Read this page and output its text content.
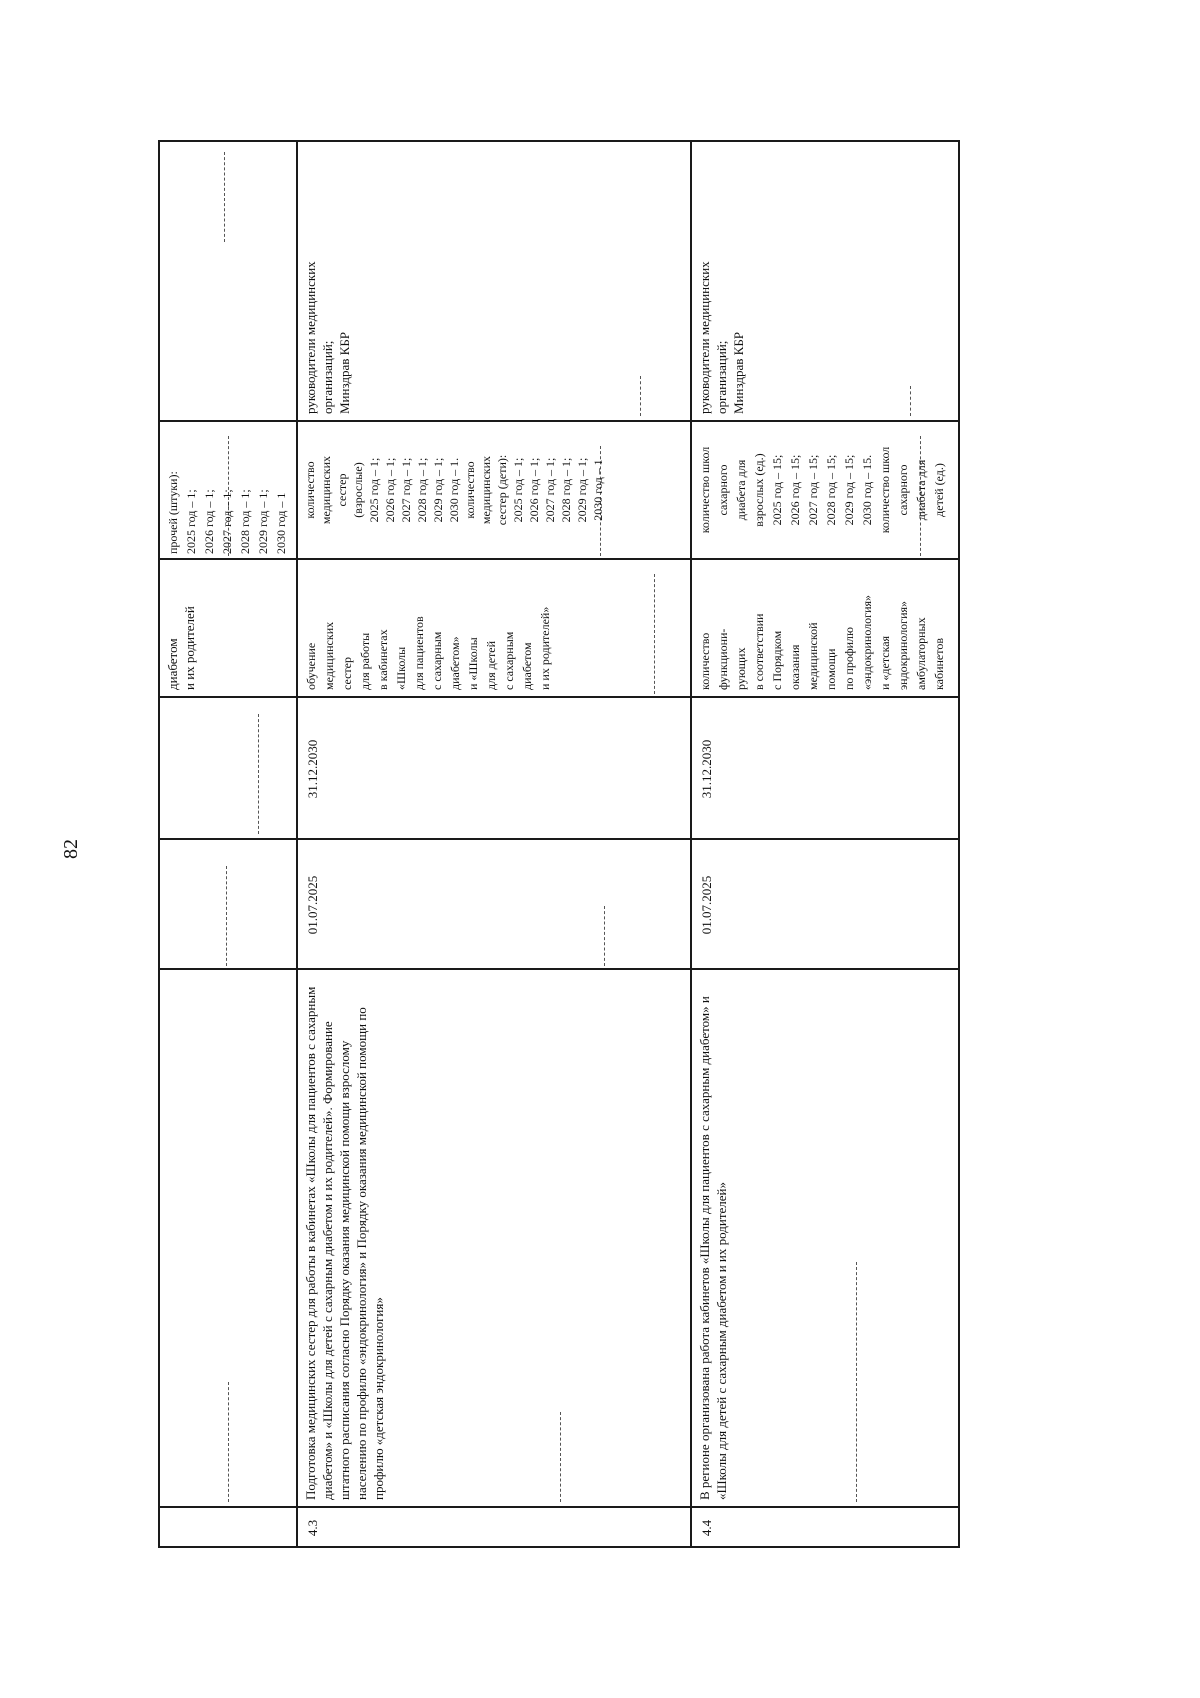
82
диабетом
и их родителей
прочей (штуки):
2025 год – 1;
2026 год – 1;
2027 год – 1;
2028 год – 1;
2029 год – 1;
2030 год – 1
4.3
Подготовка медицинских сестер для работы в кабинетах «Школы для пациентов с сахарным диабетом» и «Школы для детей с сахарным диабетом и их родителей». Формирование штатного расписания согласно Порядку оказания медицинской помощи взрослому населению по профилю «эндокринология» и Порядку оказания медицинской помощи по профилю «детская эндокринология»
01.07.2025
31.12.2030
обучение
медицинских
сестер
для работы
в кабинетах
«Школы
для пациентов
с сахарным
диабетом»
и «Школы
для детей
с сахарным
диабетом
и их родителей»
количество
медицинских
сестер
(взрослые)
2025 год – 1;
2026 год – 1;
2027 год – 1;
2028 год – 1;
2029 год – 1;
2030 год – 1.
количество
медицинских
сестер (дети):
2025 год – 1;
2026 год – 1;
2027 год – 1;
2028 год – 1;
2029 год – 1;
2030 год – 1
руководители медицинских
организаций;
Минздрав КБР
4.4
В регионе организована работа кабинетов «Школы для пациентов с сахарным диабетом» и «Школы для детей с сахарным диабетом и их родителей»
01.07.2025
31.12.2030
количество
функциони-
рующих
в соответствии
с Порядком
оказания
медицинской
помощи
по профилю
«эндокринология»
и «детская
эндокринология»
амбулаторных
кабинетов
количество школ
сахарного
диабета для
взрослых (ед.)
2025 год – 15;
2026 год – 15;
2027 год – 15;
2028 год – 15;
2029 год – 15;
2030 год – 15.
количество школ
сахарного
диабета для
детей (ед.)
руководители медицинских
организаций;
Минздрав КБР
